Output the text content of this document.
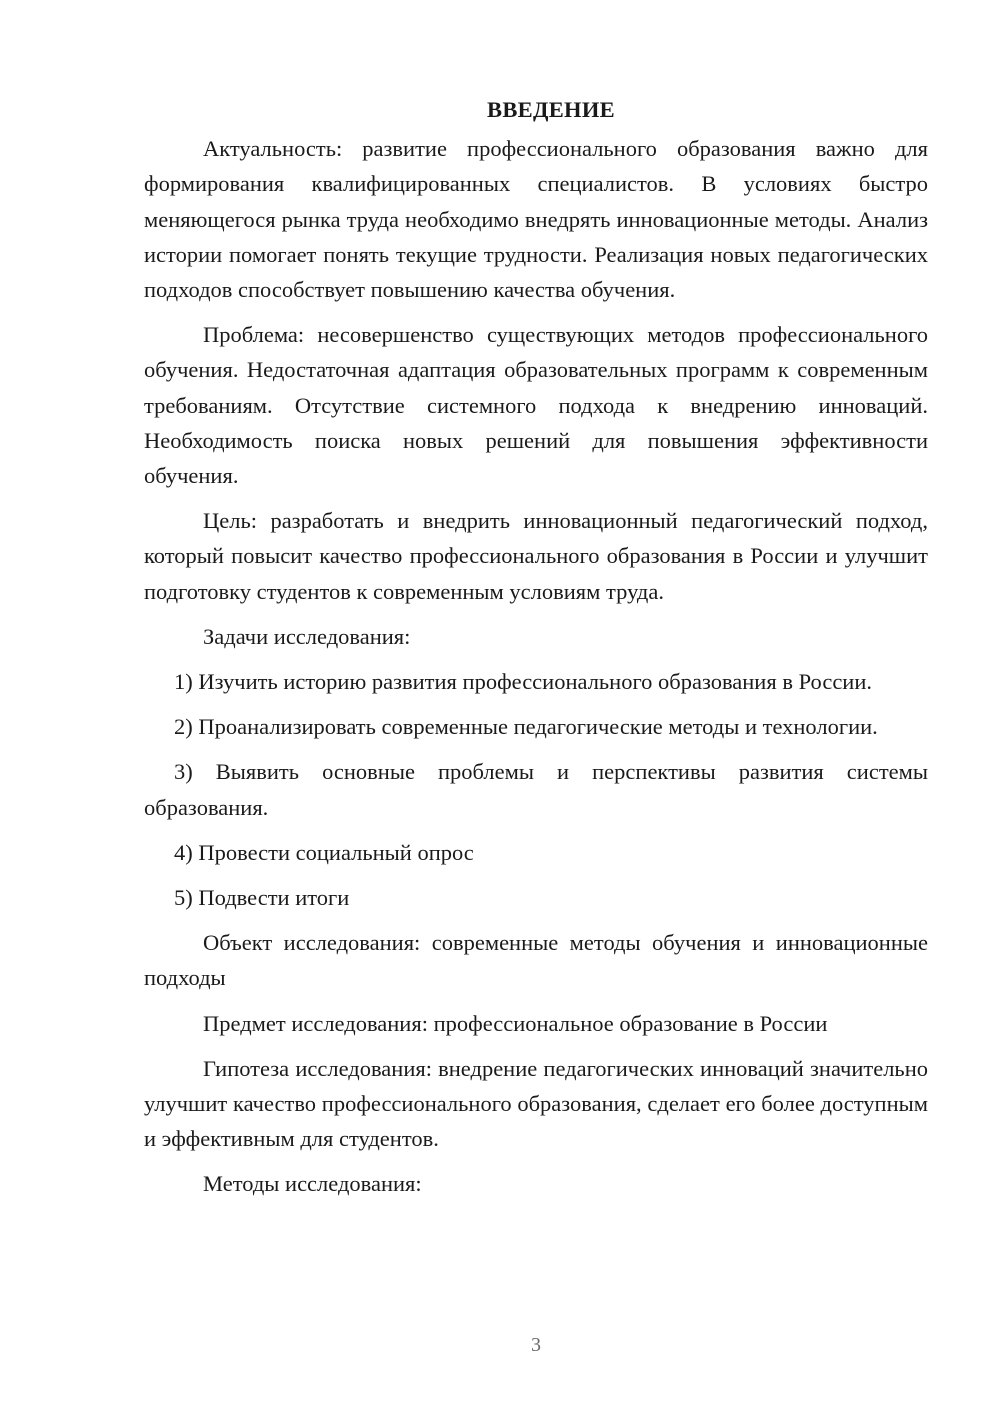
ВВЕДЕНИЕ

Актуальность: развитие профессионального образования важно для формирования квалифицированных специалистов. В условиях быстро меняющегося рынка труда необходимо внедрять инновационные методы. Анализ истории помогает понять текущие трудности. Реализация новых педагогических подходов способствует повышению качества обучения.

Проблема: несовершенство существующих методов профессионального обучения. Недостаточная адаптация образовательных программ к современным требованиям. Отсутствие системного подхода к внедрению инноваций. Необходимость поиска новых решений для повышения эффективности обучения.

Цель: разработать и внедрить инновационный педагогический подход, который повысит качество профессионального образования в России и улучшит подготовку студентов к современным условиям труда.

Задачи исследования:

1) Изучить историю развития профессионального образования в России.

2) Проанализировать современные педагогические методы и технологии.

3) Выявить основные проблемы и перспективы развития системы образования.

4) Провести социальный опрос

5) Подвести итоги

Объект исследования: современные методы обучения и инновационные подходы

Предмет исследования: профессиональное образование в России

Гипотеза исследования: внедрение педагогических инноваций значительно улучшит качество профессионального образования, сделает его более доступным и эффективным для студентов.

Методы исследования:

3
